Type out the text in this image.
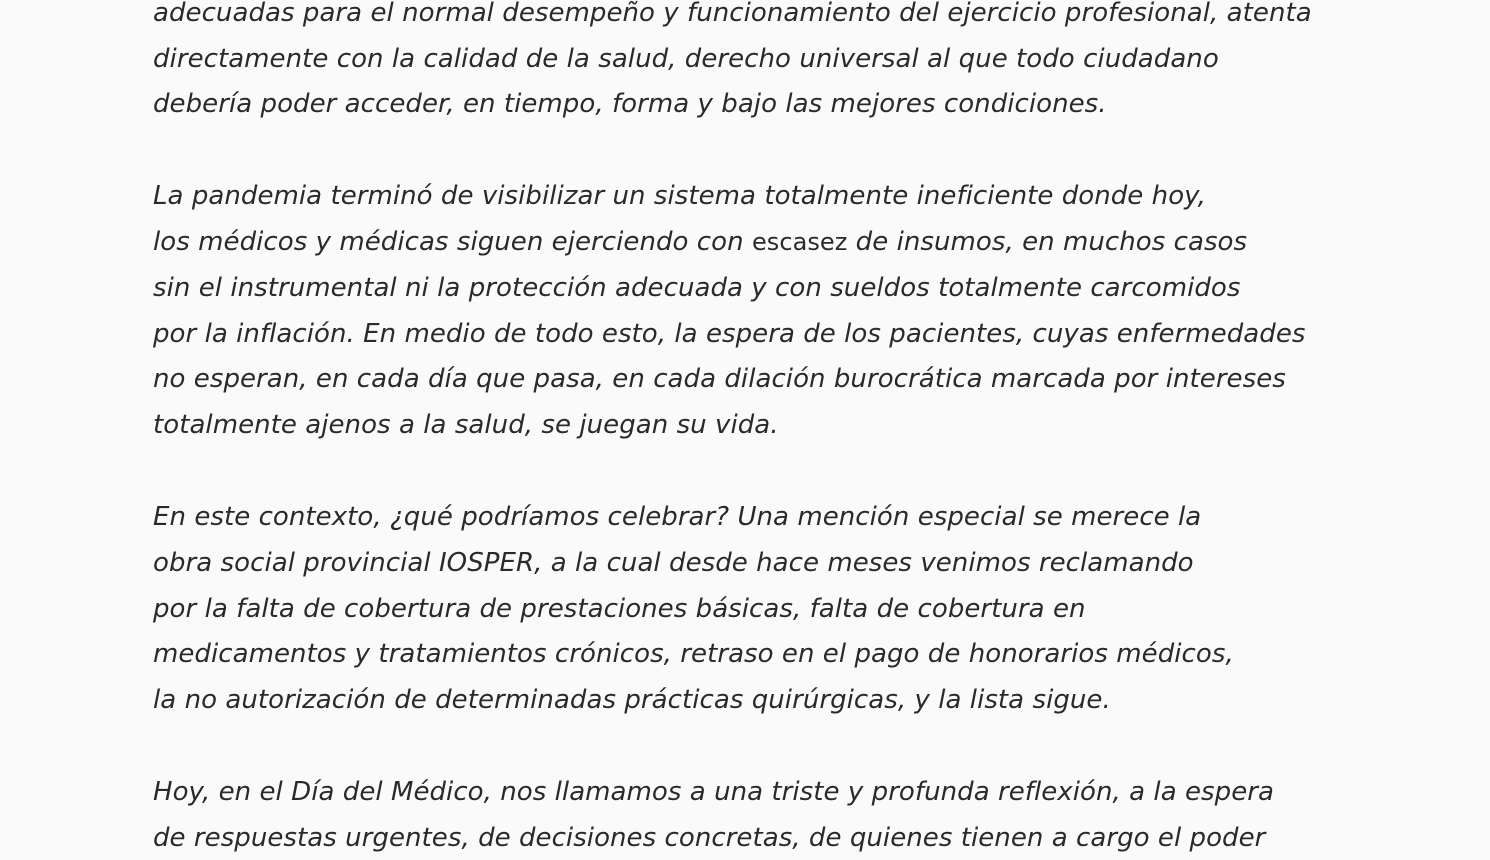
adecuadas para el normal desempeño y funcionamiento del ejercicio profesional, atenta
directamente con la calidad de la salud, derecho universal al que todo ciudadano
debería poder acceder, en tiempo, forma y bajo las mejores condiciones.
La pandemia terminó de visibilizar un sistema totalmente ineficiente donde hoy,
los médicos y médicas siguen ejerciendo con escasez de insumos, en muchos casos
sin el instrumental ni la protección adecuada y con sueldos totalmente carcomidos
por la inflación. En medio de todo esto, la espera de los pacientes, cuyas enfermedades
no esperan, en cada día que pasa, en cada dilación burocrática marcada por intereses
totalmente ajenos a la salud, se juegan su vida.
En este contexto, ¿qué podríamos celebrar? Una mención especial se merece la
obra social provincial IOSPER, a la cual desde hace meses venimos reclamando
por la falta de cobertura de prestaciones básicas, falta de cobertura en
medicamentos y tratamientos crónicos, retraso en el pago de honorarios médicos,
la no autorización de determinadas prácticas quirúrgicas, y la lista sigue.
Hoy, en el Día del Médico, nos llamamos a una triste y profunda reflexión, a la espera
de respuestas urgentes, de decisiones concretas, de quienes tienen a cargo el poder
